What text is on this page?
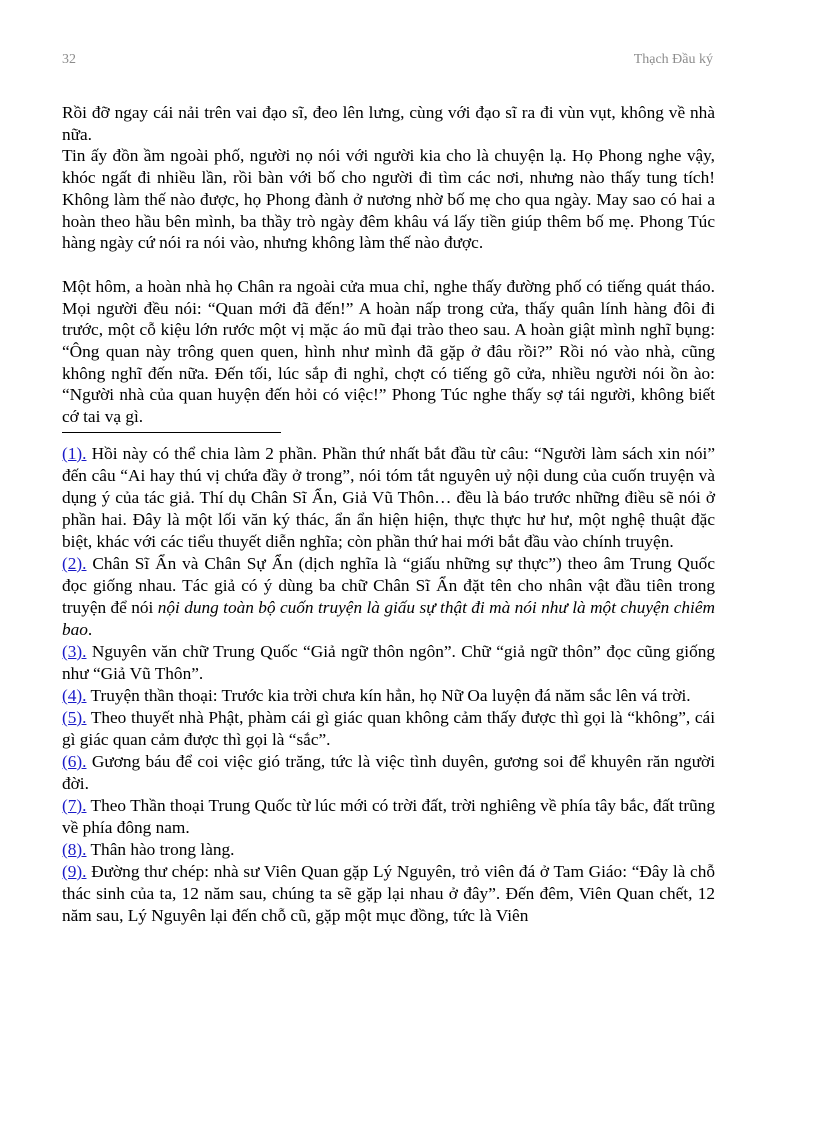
32	Thạch Đầu ký

Rồi đỡ ngay cái nải trên vai đạo sĩ, đeo lên lưng, cùng với đạo sĩ ra đi vùn vụt, không về nhà nữa.

Tin ấy đồn ầm ngoài phố, người nọ nói với người kia cho là chuyện lạ. Họ Phong nghe vậy, khóc ngất đi nhiều lần, rồi bàn với bố cho người đi tìm các nơi, nhưng nào thấy tung tích! Không làm thế nào được, họ Phong đành ở nương nhờ bố mẹ cho qua ngày. May sao có hai a hoàn theo hầu bên mình, ba thầy trò ngày đêm khâu vá lấy tiền giúp thêm bố mẹ. Phong Túc hàng ngày cứ nói ra nói vào, nhưng không làm thế nào được.

Một hôm, a hoàn nhà họ Chân ra ngoài cửa mua chỉ, nghe thấy đường phố có tiếng quát tháo. Mọi người đều nói: “Quan mới đã đến!” A hoàn nấp trong cửa, thấy quân lính hàng đôi đi trước, một cỗ kiệu lớn rước một vị mặc áo mũ đại trào theo sau. A hoàn giật mình nghĩ bụng: “Ông quan này trông quen quen, hình như mình đã gặp ở đâu rồi?” Rồi nó vào nhà, cũng không nghĩ đến nữa. Đến tối, lúc sắp đi nghỉ, chợt có tiếng gõ cửa, nhiều người nói ồn ào: “Người nhà của quan huyện đến hỏi có việc!” Phong Túc nghe thấy sợ tái người, không biết cớ tai vạ gì.

(1). Hồi này có thể chia làm 2 phần. Phần thứ nhất bắt đầu từ câu: “Người làm sách xin nói” đến câu “Ai hay thú vị chứa đầy ở trong”, nói tóm tắt nguyên uỷ nội dung của cuốn truyện và dụng ý của tác giả. Thí dụ Chân Sĩ Ẩn, Giả Vũ Thôn… đều là báo trước những điều sẽ nói ở phần hai. Đây là một lối văn ký thác, ẩn ẩn hiện hiện, thực thực hư hư, một nghệ thuật đặc biệt, khác với các tiểu thuyết diễn nghĩa; còn phần thứ hai mới bắt đầu vào chính truyện.

(2). Chân Sĩ Ẩn và Chân Sự Ẩn (dịch nghĩa là “giấu những sự thực”) theo âm Trung Quốc đọc giống nhau. Tác giả có ý dùng ba chữ Chân Sĩ Ẩn đặt tên cho nhân vật đầu tiên trong truyện để nói nội dung toàn bộ cuốn truyện là giấu sự thật đi mà nói như là một chuyện chiêm bao.

(3). Nguyên văn chữ Trung Quốc “Giả ngữ thôn ngôn”. Chữ “giả ngữ thôn” đọc cũng giống như “Giả Vũ Thôn”.

(4). Truyện thần thoại: Trước kia trời chưa kín hẳn, họ Nữ Oa luyện đá năm sắc lên vá trời.

(5). Theo thuyết nhà Phật, phàm cái gì giác quan không cảm thấy được thì gọi là “không”, cái gì giác quan cảm được thì gọi là “sắc”.

(6). Gương báu để coi việc gió trăng, tức là việc tình duyên, gương soi để khuyên răn người đời.

(7). Theo Thần thoại Trung Quốc từ lúc mới có trời đất, trời nghiêng về phía tây bắc, đất trũng về phía đông nam.

(8). Thân hào trong làng.

(9). Đường thư chép: nhà sư Viên Quan gặp Lý Nguyên, trỏ viên đá ở Tam Giáo: “Đây là chỗ thác sinh của ta, 12 năm sau, chúng ta sẽ gặp lại nhau ở đây”. Đến đêm, Viên Quan chết, 12 năm sau, Lý Nguyên lại đến chỗ cũ, gặp một mục đồng, tức là Viên
